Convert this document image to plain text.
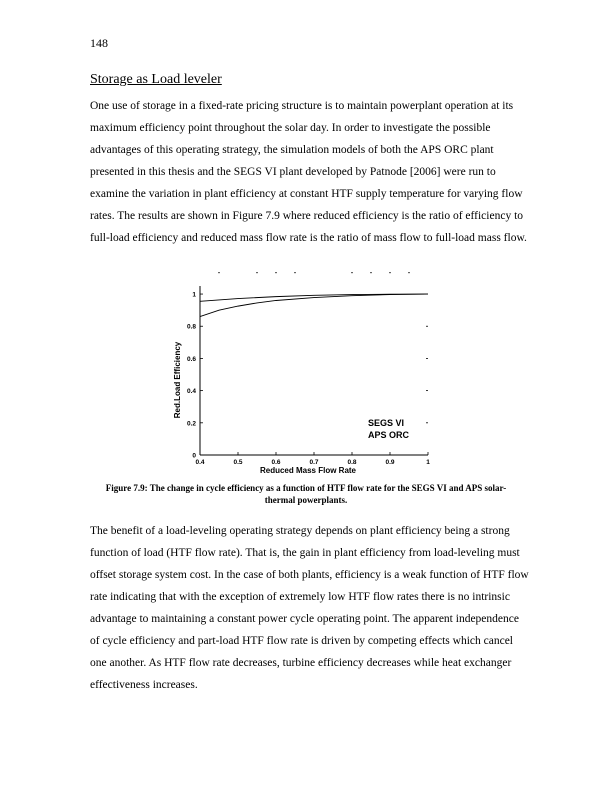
148
Storage as Load leveler

One use of storage in a fixed-rate pricing structure is to maintain powerplant operation at its maximum efficiency point throughout the solar day. In order to investigate the possible advantages of this operating strategy, the simulation models of both the APS ORC plant presented in this thesis and the SEGS VI plant developed by Patnode [2006] were run to examine the variation in plant efficiency at constant HTF supply temperature for varying flow rates. The results are shown in Figure 7.9 where reduced efficiency is the ratio of efficiency to full-load efficiency and reduced mass flow rate is the ratio of mass flow to full-load mass flow.

0.4	0.5	0.6	0.7	0.8	0.9	1
0
0.2
0.4
0.6
0.8
1
Reduced Mass Flow Rate
Red.Load Efficiency
SEGS VI
APS ORC
Figure 7.9: The change in cycle efficiency as a function of HTF flow rate for the SEGS VI and APS solar-thermal powerplants.

The benefit of a load-leveling operating strategy depends on plant efficiency being a strong function of load (HTF flow rate). That is, the gain in plant efficiency from load-leveling must offset storage system cost. In the case of both plants, efficiency is a weak function of HTF flow rate indicating that with the exception of extremely low HTF flow rates there is no intrinsic advantage to maintaining a constant power cycle operating point. The apparent independence of cycle efficiency and part-load HTF flow rate is driven by competing effects which cancel one another. As HTF flow rate decreases, turbine efficiency decreases while heat exchanger effectiveness increases.
